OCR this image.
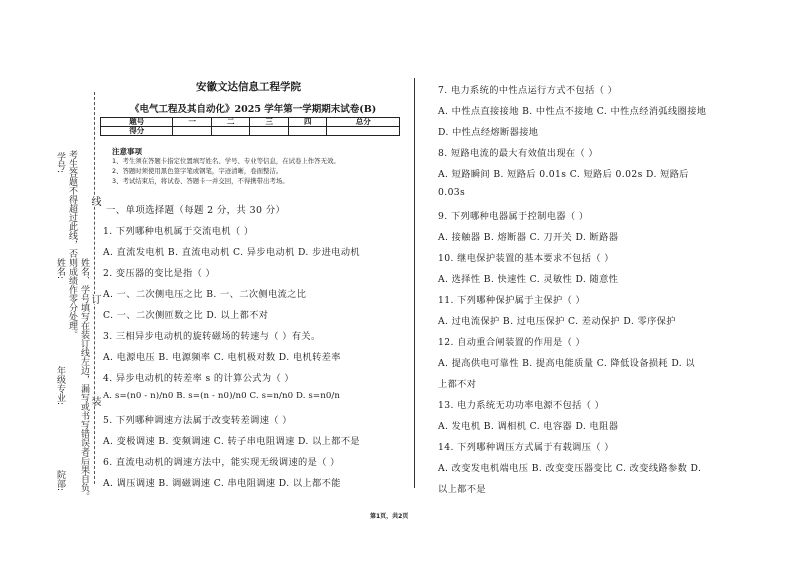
学号:
姓名:
年级专业:
院部:
考生答题不得超过此线，否则成绩作零分处理。
姓名、学号填写在装订线左边，漏写或书写错误者后果自负。
线
订
装
安徽文达信息工程学院
《电气工程及其自动化》2025 学年第一学期期末试卷(B)
题号	一	二	三	四	总分
得分					
注意事项
1、考生须在答题卡指定位置填写姓名、学号、专业等信息，在试卷上作答无效。
2、答题时须使用黑色签字笔或钢笔，字迹清晰，卷面整洁。
3、考试结束后，将试卷、答题卡一并交回，不得携带出考场。
一、单项选择题（每题 2 分，共 30 分）
1. 下列哪种电机属于交流电机（ ）
A. 直流发电机 B. 直流电动机 C. 异步电动机 D. 步进电动机
2. 变压器的变比是指（ ）
A. 一、二次侧电压之比 B. 一、二次侧电流之比
C. 一、二次侧匝数之比 D. 以上都不对
3. 三相异步电动机的旋转磁场的转速与（ ）有关。
A. 电源电压 B. 电源频率 C. 电机极对数 D. 电机转差率
4. 异步电动机的转差率 s 的计算公式为（ ）
A. s=(n0 - n)/n0 B. s=(n - n0)/n0 C. s=n/n0 D. s=n0/n
5. 下列哪种调速方法属于改变转差调速（ ）
A. 变极调速 B. 变频调速 C. 转子串电阻调速 D. 以上都不是
6. 直流电动机的调速方法中，能实现无级调速的是（ ）
A. 调压调速 B. 调磁调速 C. 串电阻调速 D. 以上都不能
7. 电力系统的中性点运行方式不包括（ ）
A. 中性点直接接地 B. 中性点不接地 C. 中性点经消弧线圈接地
D. 中性点经熔断器接地
8. 短路电流的最大有效值出现在（ ）
A. 短路瞬间 B. 短路后 0.01s C. 短路后 0.02s D. 短路后
0.03s
9. 下列哪种电器属于控制电器（ ）
A. 接触器 B. 熔断器 C. 刀开关 D. 断路器
10. 继电保护装置的基本要求不包括（ ）
A. 选择性 B. 快速性 C. 灵敏性 D. 随意性
11. 下列哪种保护属于主保护（ ）
A. 过电流保护 B. 过电压保护 C. 差动保护 D. 零序保护
12. 自动重合闸装置的作用是（ ）
A. 提高供电可靠性 B. 提高电能质量 C. 降低设备损耗 D. 以
上都不对
13. 电力系统无功功率电源不包括（ ）
A. 发电机 B. 调相机 C. 电容器 D. 电阻器
14. 下列哪种调压方式属于有载调压（ ）
A. 改变发电机端电压 B. 改变变压器变比 C. 改变线路参数 D.
以上都不是
第1页，共2页
